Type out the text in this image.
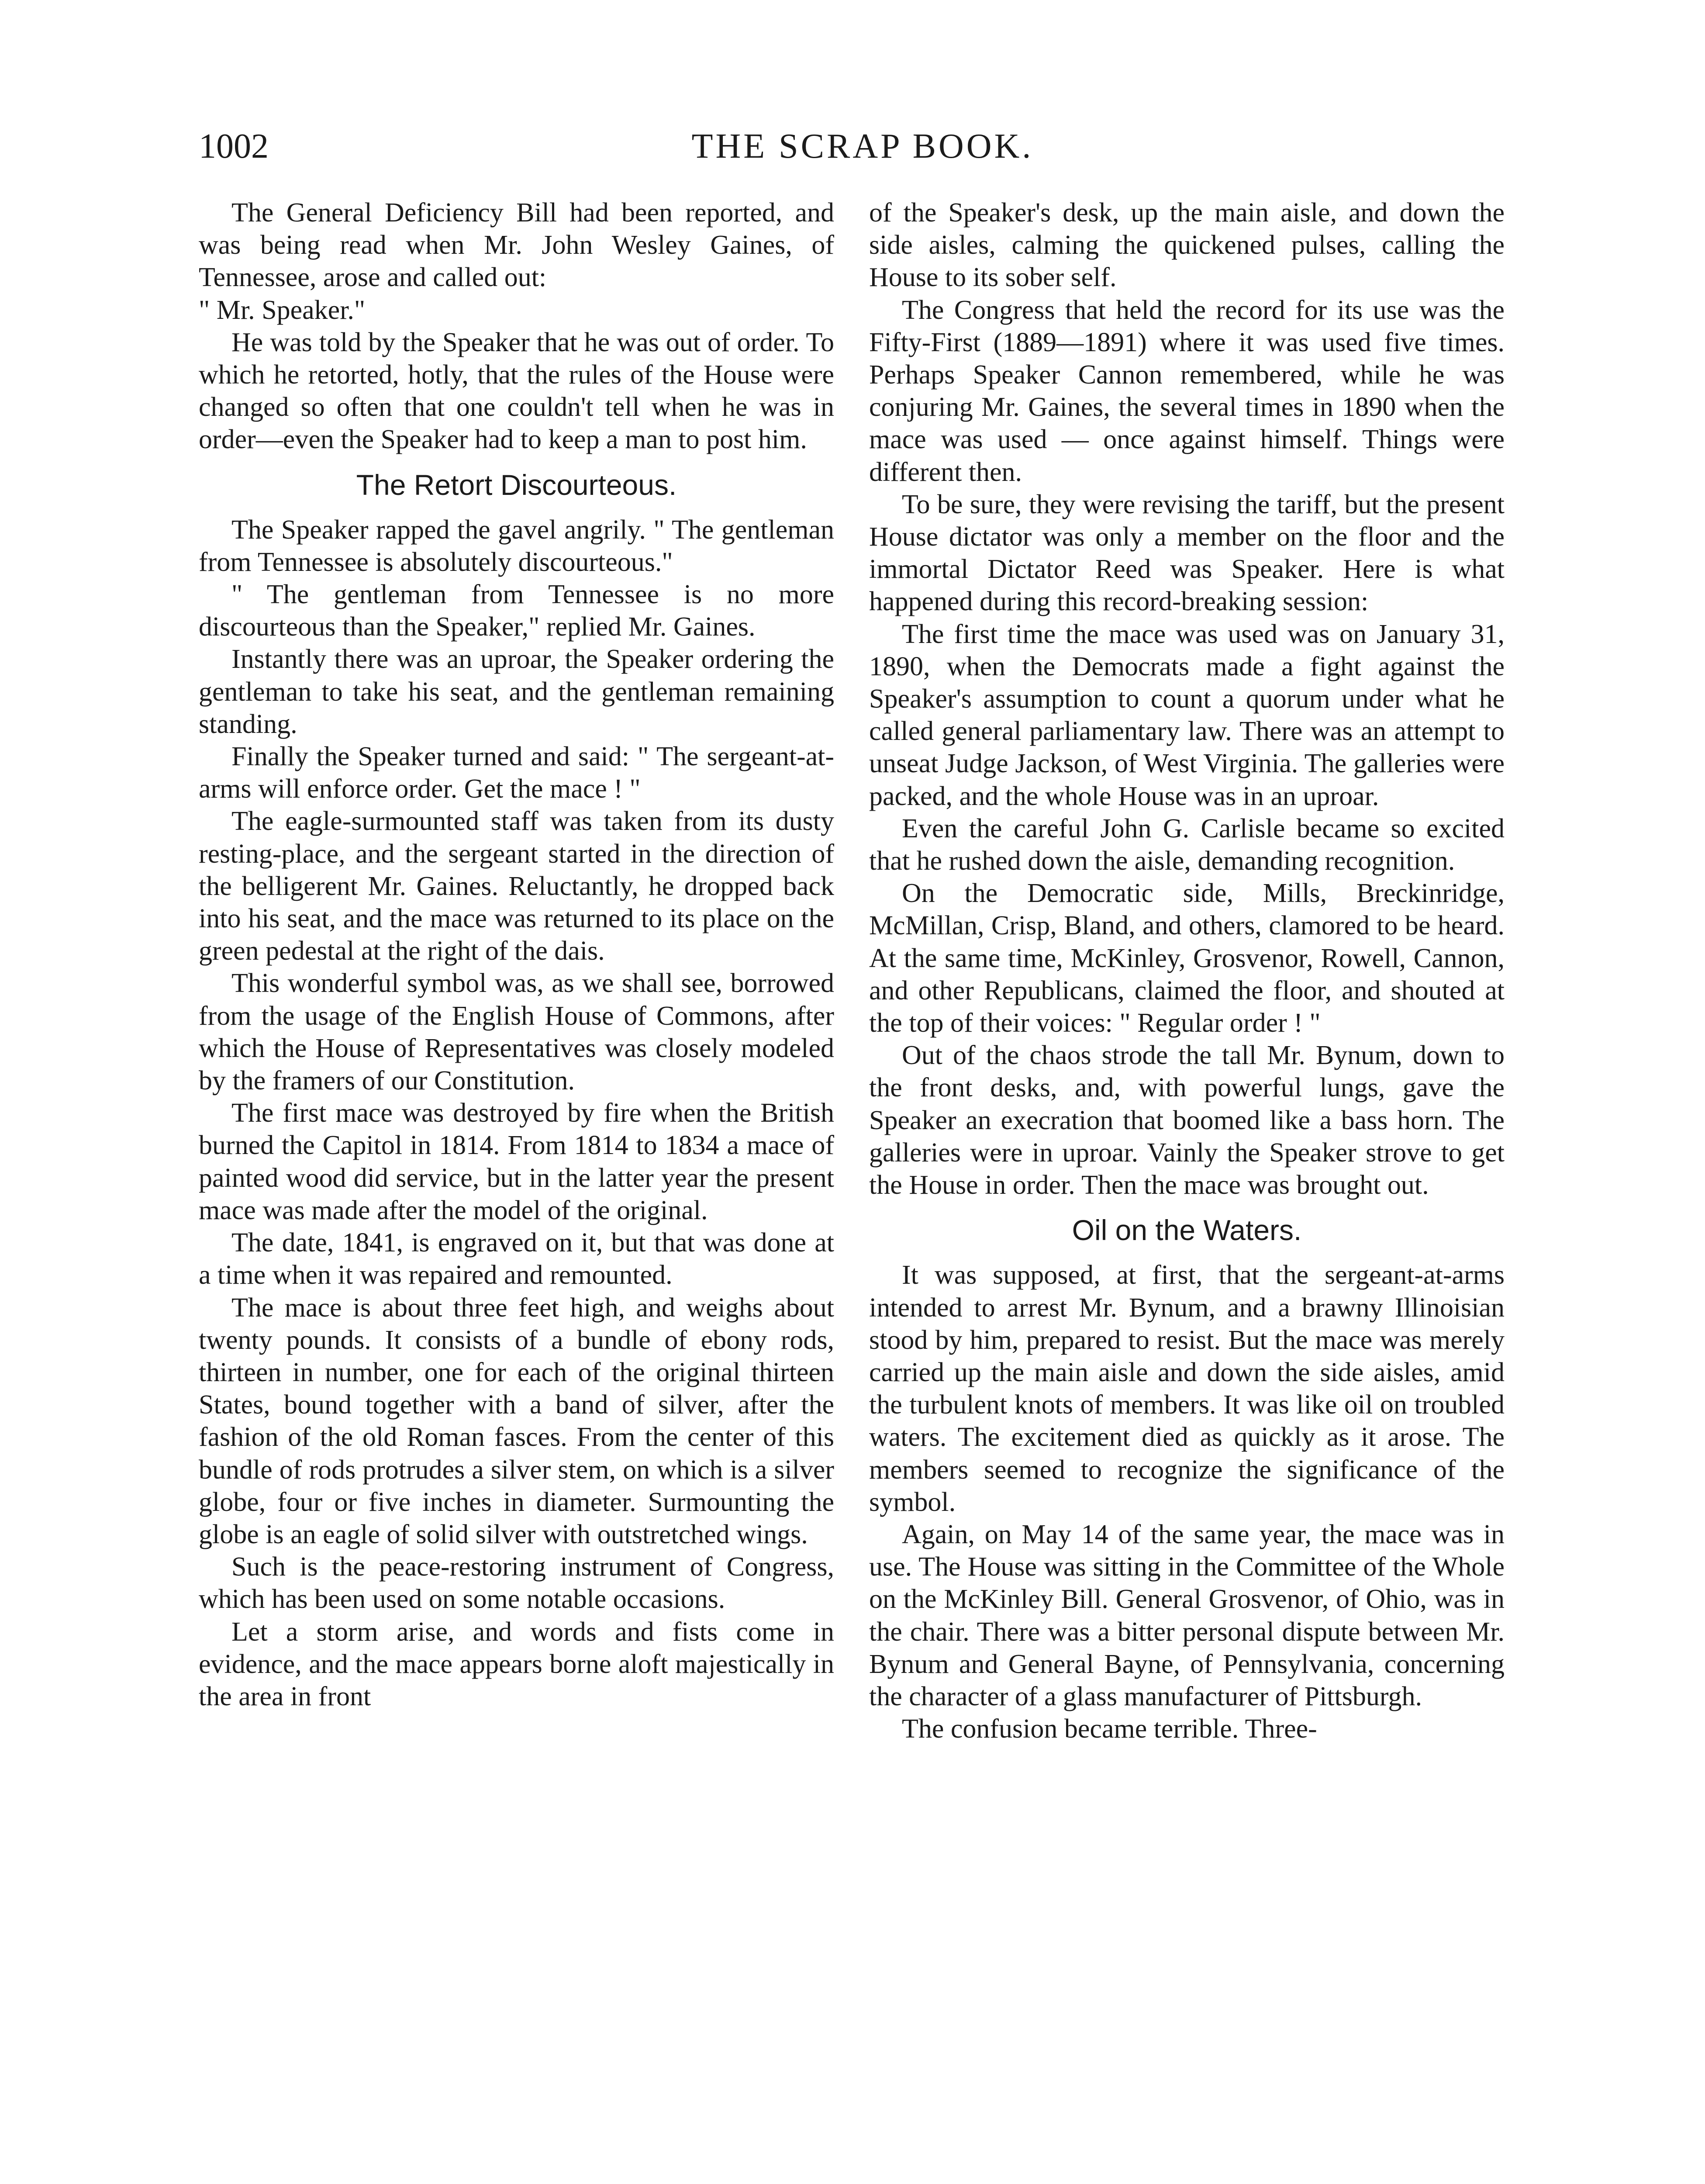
1002	THE SCRAP BOOK.

The General Deficiency Bill had been reported, and was being read when Mr. John Wesley Gaines, of Tennessee, arose and called out:

" Mr. Speaker."

He was told by the Speaker that he was out of order. To which he retorted, hotly, that the rules of the House were changed so often that one couldn't tell when he was in order—even the Speaker had to keep a man to post him.

The Retort Discourteous.

The Speaker rapped the gavel angrily. " The gentleman from Tennessee is absolutely discourteous."

" The gentleman from Tennessee is no more discourteous than the Speaker," replied Mr. Gaines.

Instantly there was an uproar, the Speaker ordering the gentleman to take his seat, and the gentleman remaining standing.

Finally the Speaker turned and said: " The sergeant-at-arms will enforce order. Get the mace ! "

The eagle-surmounted staff was taken from its dusty resting-place, and the sergeant started in the direction of the belligerent Mr. Gaines. Reluctantly, he dropped back into his seat, and the mace was returned to its place on the green pedestal at the right of the dais.

This wonderful symbol was, as we shall see, borrowed from the usage of the English House of Commons, after which the House of Representatives was closely modeled by the framers of our Constitution.

The first mace was destroyed by fire when the British burned the Capitol in 1814. From 1814 to 1834 a mace of painted wood did service, but in the latter year the present mace was made after the model of the original.

The date, 1841, is engraved on it, but that was done at a time when it was repaired and remounted.

The mace is about three feet high, and weighs about twenty pounds. It consists of a bundle of ebony rods, thirteen in number, one for each of the original thirteen States, bound together with a band of silver, after the fashion of the old Roman fasces. From the center of this bundle of rods protrudes a silver stem, on which is a silver globe, four or five inches in diameter. Surmounting the globe is an eagle of solid silver with outstretched wings.

Such is the peace-restoring instrument of Congress, which has been used on some notable occasions.

Let a storm arise, and words and fists come in evidence, and the mace appears borne aloft majestically in the area in front

of the Speaker's desk, up the main aisle, and down the side aisles, calming the quickened pulses, calling the House to its sober self.

The Congress that held the record for its use was the Fifty-First (1889—1891) where it was used five times. Perhaps Speaker Cannon remembered, while he was conjuring Mr. Gaines, the several times in 1890 when the mace was used — once against himself. Things were different then.

To be sure, they were revising the tariff, but the present House dictator was only a member on the floor and the immortal Dictator Reed was Speaker. Here is what happened during this record-breaking session:

The first time the mace was used was on January 31, 1890, when the Democrats made a fight against the Speaker's assumption to count a quorum under what he called general parliamentary law. There was an attempt to unseat Judge Jackson, of West Virginia. The galleries were packed, and the whole House was in an uproar.

Even the careful John G. Carlisle became so excited that he rushed down the aisle, demanding recognition.

On the Democratic side, Mills, Breckinridge, McMillan, Crisp, Bland, and others, clamored to be heard. At the same time, McKinley, Grosvenor, Rowell, Cannon, and other Republicans, claimed the floor, and shouted at the top of their voices: " Regular order ! "

Out of the chaos strode the tall Mr. Bynum, down to the front desks, and, with powerful lungs, gave the Speaker an execration that boomed like a bass horn. The galleries were in uproar. Vainly the Speaker strove to get the House in order. Then the mace was brought out.

Oil on the Waters.

It was supposed, at first, that the sergeant-at-arms intended to arrest Mr. Bynum, and a brawny Illinoisian stood by him, prepared to resist. But the mace was merely carried up the main aisle and down the side aisles, amid the turbulent knots of members. It was like oil on troubled waters. The excitement died as quickly as it arose. The members seemed to recognize the significance of the symbol.

Again, on May 14 of the same year, the mace was in use. The House was sitting in the Committee of the Whole on the McKinley Bill. General Grosvenor, of Ohio, was in the chair. There was a bitter personal dispute between Mr. Bynum and General Bayne, of Pennsylvania, concerning the character of a glass manufacturer of Pittsburgh.

The confusion became terrible. Three-
